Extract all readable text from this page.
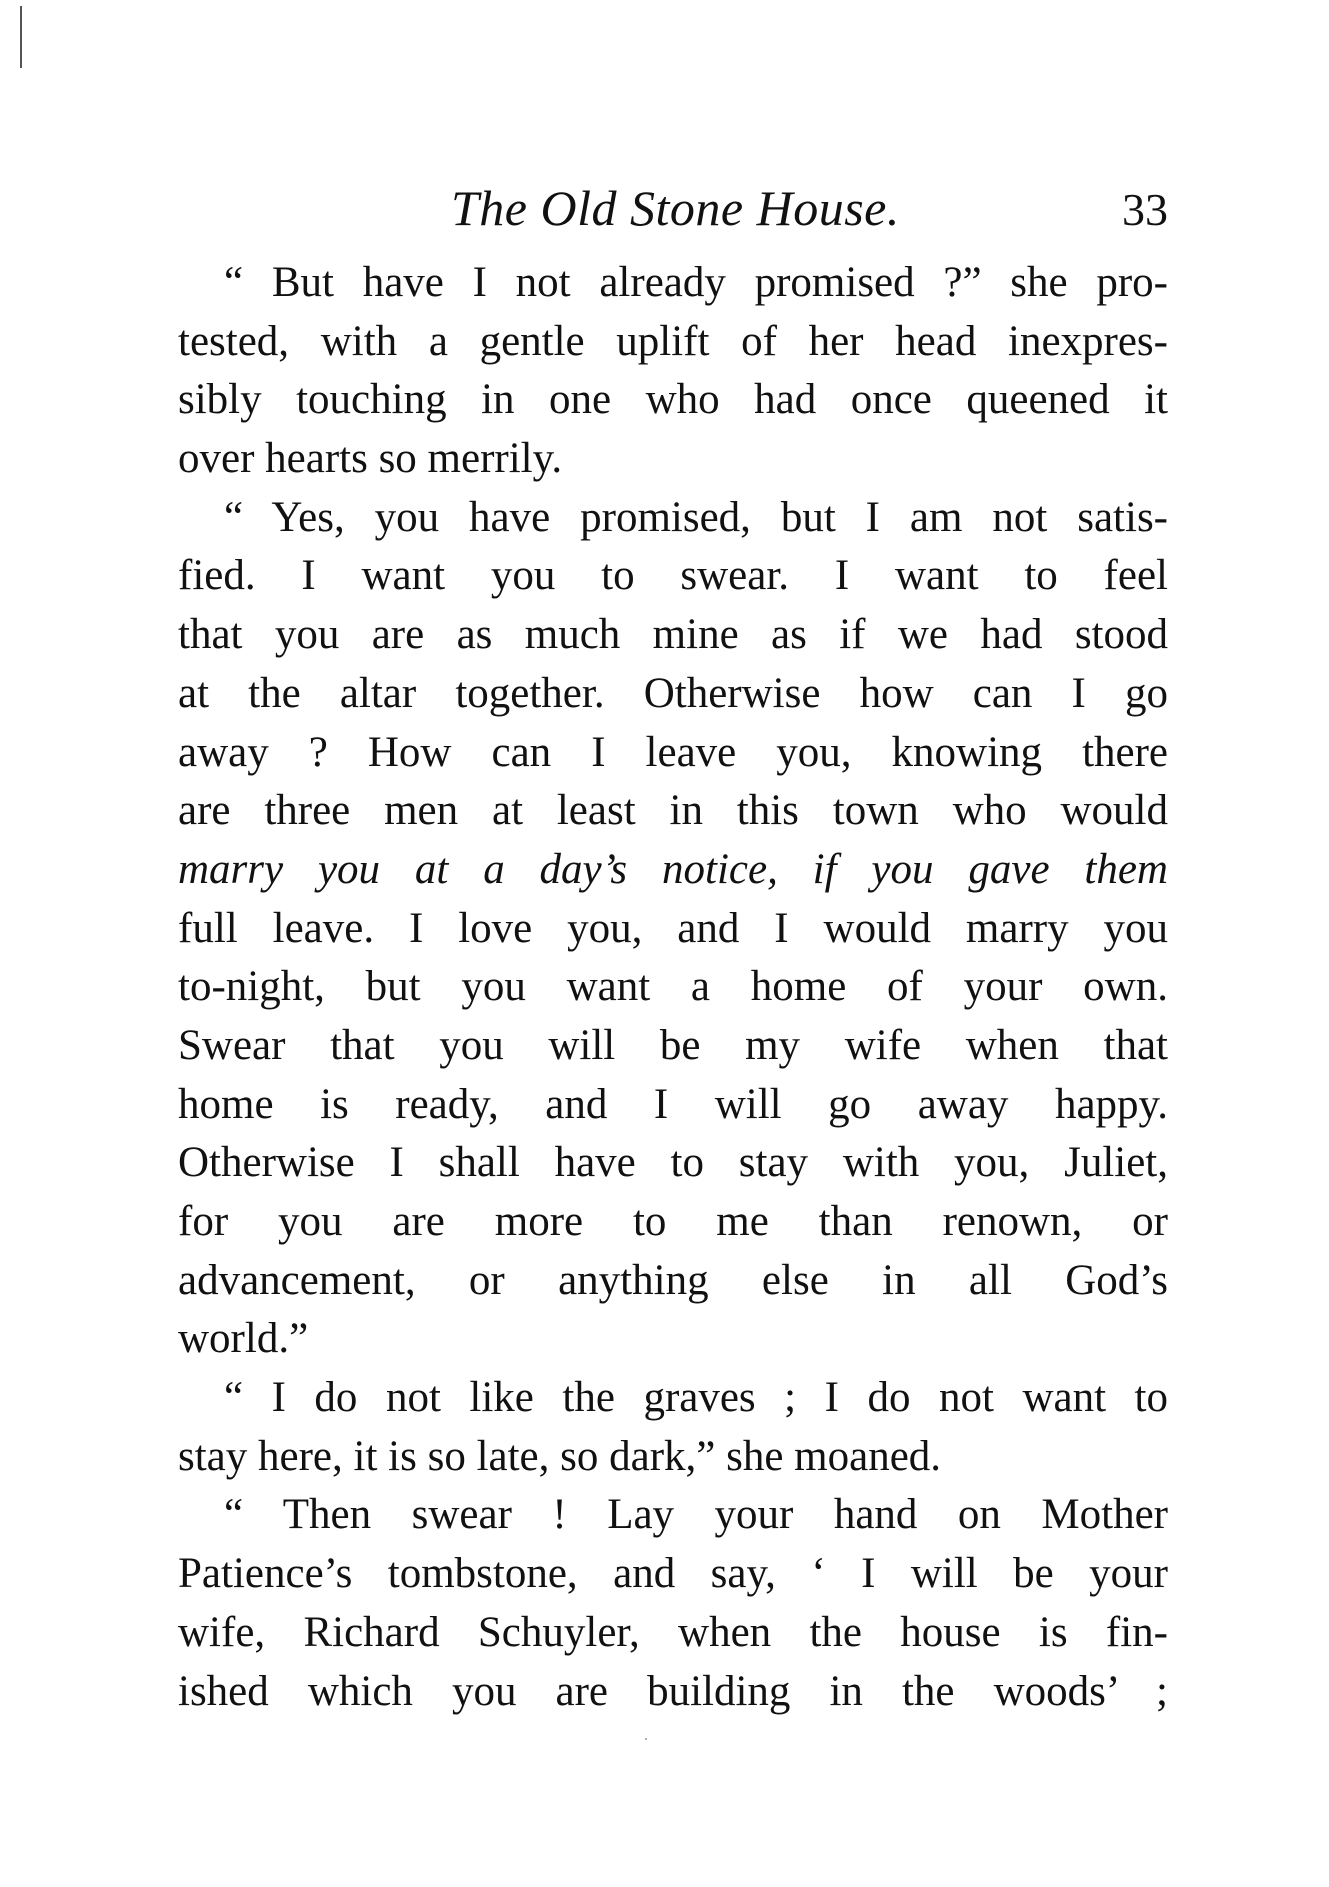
The Old Stone House.	33
“ But have I not already promised ?” she pro-
tested, with a gentle uplift of her head inexpres-
sibly touching in one who had once queened it
over hearts so merrily.
“ Yes, you have promised, but I am not satis-
fied. I want you to swear. I want to feel
that you are as much mine as if we had stood
at the altar together. Otherwise how can I go
away ? How can I leave you, knowing there
are three men at least in this town who would
marry you at a day’s notice, if you gave them
full leave. I love you, and I would marry you
to-night, but you want a home of your own.
Swear that you will be my wife when that
home is ready, and I will go away happy.
Otherwise I shall have to stay with you, Juliet,
for you are more to me than renown, or
advancement, or anything else in all God’s
world.”
“ I do not like the graves ; I do not want to
stay here, it is so late, so dark,” she moaned.
“ Then swear ! Lay your hand on Mother
Patience’s tombstone, and say, ‘ I will be your
wife, Richard Schuyler, when the house is fin-
ished which you are building in the woods’ ;
